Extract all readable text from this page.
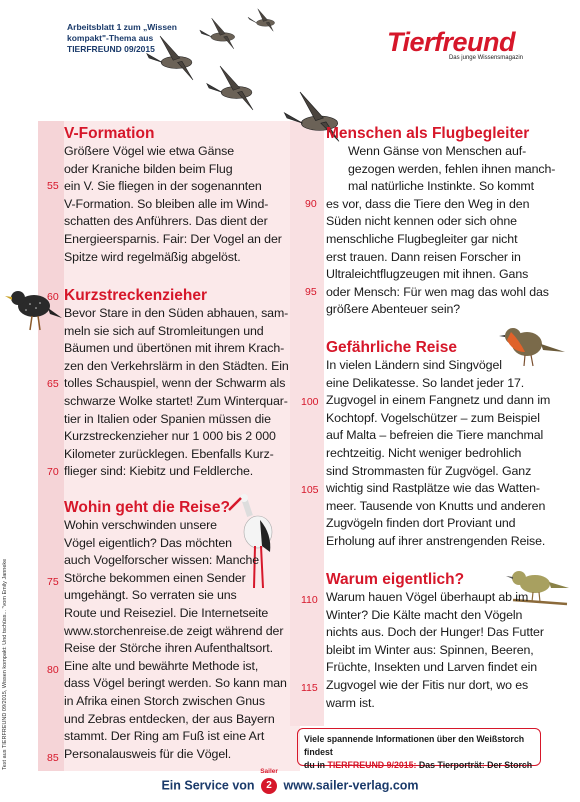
Arbeitsblatt 1 zum „Wissen
kompakt"-Thema aus
TIERFREUND 09/2015	Tierfreund
Das junge Wissensmagazin
V-Formation

Größere Vögel wie etwa Gänse
oder Kraniche bilden beim Flug
ein V. Sie fliegen in der sogenannten
V-Formation. So bleiben alle im Wind-
schatten des Anführers. Das dient der
Energieersparnis. Fair: Der Vogel an der
Spitze wird regelmäßig abgelöst.

Kurzstreckenzieher

Bevor Stare in den Süden abhauen, sam-
meln sie sich auf Stromleitungen und
Bäumen und übertönen mit ihrem Krach-
zen den Verkehrslärm in den Städten. Ein
tolles Schauspiel, wenn der Schwarm als
schwarze Wolke startet! Zum Winterquar-
tier in Italien oder Spanien müssen die
Kurzstreckenzieher nur 1 000 bis 2 000
Kilometer zurücklegen. Ebenfalls Kurz-
flieger sind: Kiebitz und Feldlerche.

Wohin geht die Reise?

Wohin verschwinden unsere
Vögel eigentlich? Das möchten
auch Vogelforscher wissen: Manche
Störche bekommen einen Sender
umgehängt. So verraten sie uns
Route und Reiseziel. Die Internetseite
www.storchenreise.de zeigt während der
Reise der Störche ihren Aufenthaltsort.
Eine alte und bewährte Methode ist,
dass Vögel beringt werden. So kann man
in Afrika einen Storch zwischen Gnus
und Zebras entdecken, der aus Bayern
stammt. Der Ring am Fuß ist eine Art
Personalausweis für die Vögel.

Menschen als Flugbegleiter

Wenn Gänse von Menschen auf-
gezogen werden, fehlen ihnen manch-
mal natürliche Instinkte. So kommt
es vor, dass die Tiere den Weg in den
Süden nicht kennen oder sich ohne
menschliche Flugbegleiter gar nicht
erst trauen. Dann reisen Forscher in
Ultraleichtflugzeugen mit ihnen. Gans
oder Mensch: Für wen mag das wohl das
größere Abenteuer sein?

Gefährliche Reise

In vielen Ländern sind Singvögel
eine Delikatesse. So landet jeder 17.
Zugvogel in einem Fangnetz und dann im
Kochtopf. Vogelschützer – zum Beispiel
auf Malta – befreien die Tiere manchmal
rechtzeitig. Nicht weniger bedrohlich
sind Strommasten für Zugvögel. Ganz
wichtig sind Rastplätze wie das Watten-
meer. Tausende von Knutts und anderen
Zugvögeln finden dort Proviant und
Erholung auf ihrer anstrengenden Reise.

Warum eigentlich?

Warum hauen Vögel überhaupt ab im
Winter? Die Kälte macht den Vögeln
nichts aus. Doch der Hunger! Das Futter
bleibt im Winter aus: Spinnen, Beeren,
Früchte, Insekten und Larven findet ein
Zugvogel wie der Fitis nur dort, wo es
warm ist.

55
60
65
70
75
80
85
90
95
100
105
110
115
Text aus TIERFREUND 09/2015, Wissen kompakt: Und tschüss... "vom Emily Janneke	Viele spannende Informationen über den Weißstorch findest
du in TIERFREUND 9/2015: Das Tierporträt: Der Storch
Ein Service von
Sailer
2 www.sailer-verlag.com
